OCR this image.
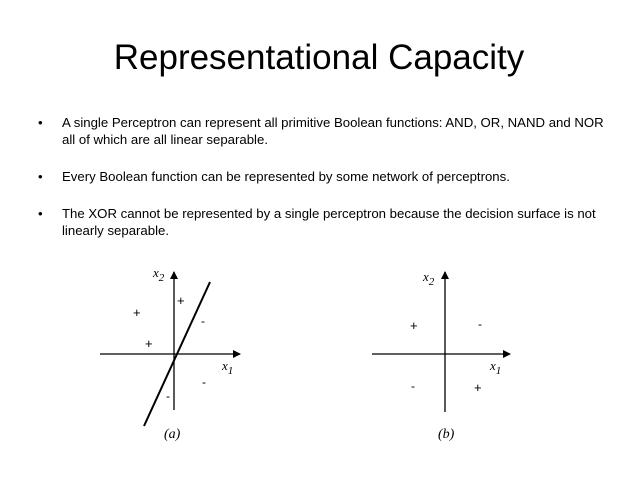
Representational Capacity
• A single Perceptron can represent all primitive Boolean functions: AND, OR, NAND and NOR all of which are all linear separable.
• Every Boolean function can be represented by some network of perceptrons.
• The XOR cannot be represented by a single perceptron because the decision surface is not linearly separable.
$x_2$
$x_1$
+
+
+
-
-
-
(a)
$x_2$
$x_1$
+
+
-
-
(b)
